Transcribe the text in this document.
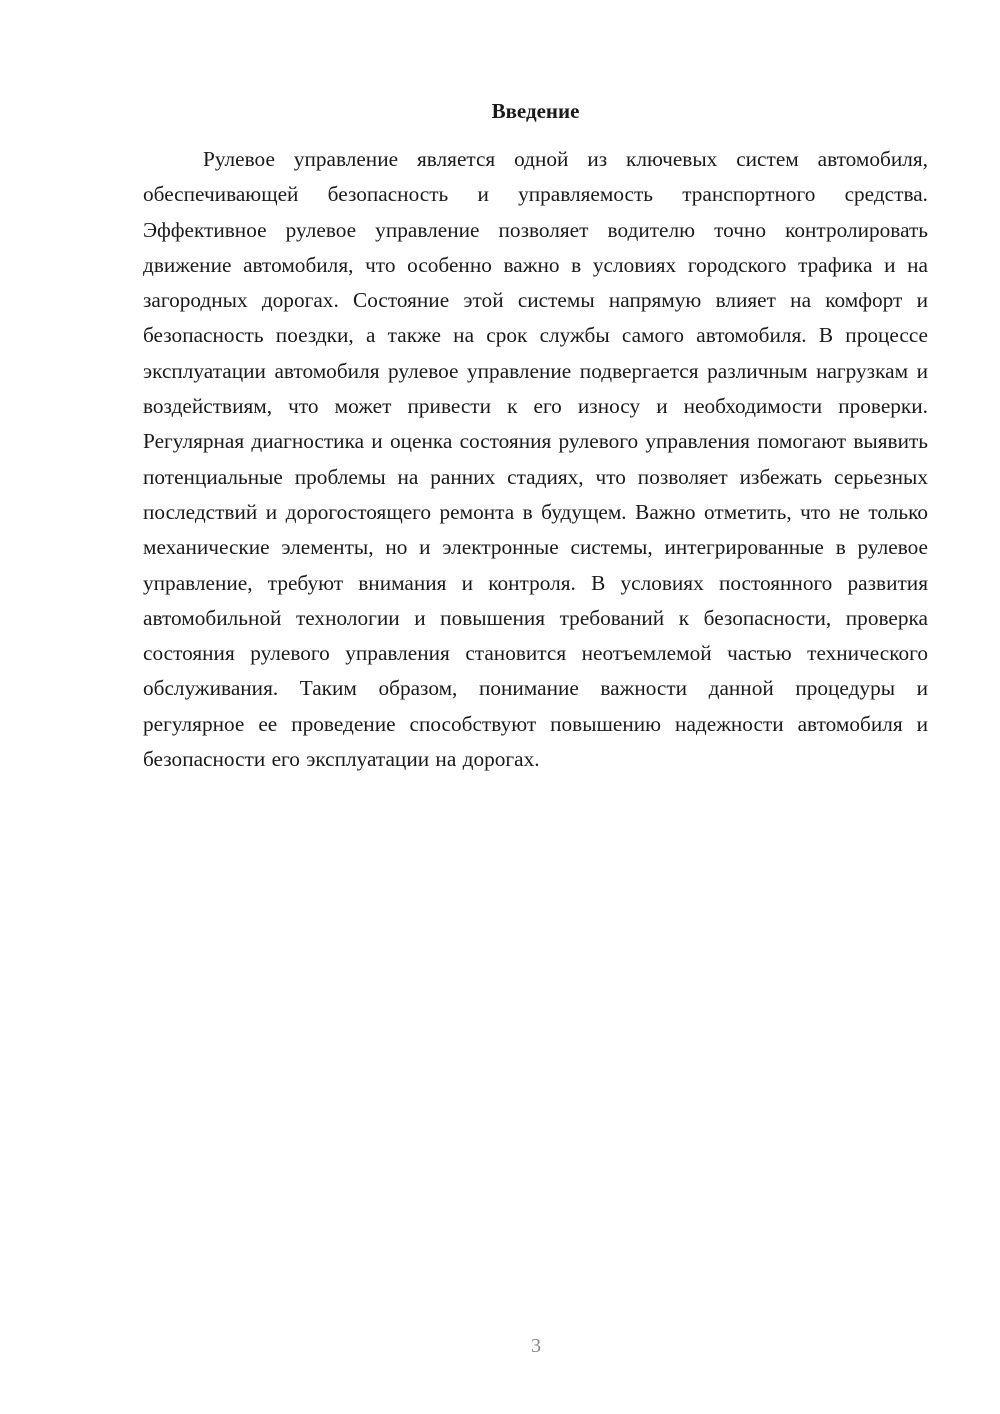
Введение

Рулевое управление является одной из ключевых систем автомобиля, обеспечивающей безопасность и управляемость транспортного средства. Эффективное рулевое управление позволяет водителю точно контролировать движение автомобиля, что особенно важно в условиях городского трафика и на загородных дорогах. Состояние этой системы напрямую влияет на комфорт и безопасность поездки, а также на срок службы самого автомобиля. В процессе эксплуатации автомобиля рулевое управление подвергается различным нагрузкам и воздействиям, что может привести к его износу и необходимости проверки. Регулярная диагностика и оценка состояния рулевого управления помогают выявить потенциальные проблемы на ранних стадиях, что позволяет избежать серьезных последствий и дорогостоящего ремонта в будущем. Важно отметить, что не только механические элементы, но и электронные системы, интегрированные в рулевое управление, требуют внимания и контроля. В условиях постоянного развития автомобильной технологии и повышения требований к безопасности, проверка состояния рулевого управления становится неотъемлемой частью технического обслуживания. Таким образом, понимание важности данной процедуры и регулярное ее проведение способствуют повышению надежности автомобиля и безопасности его эксплуатации на дорогах.

3
